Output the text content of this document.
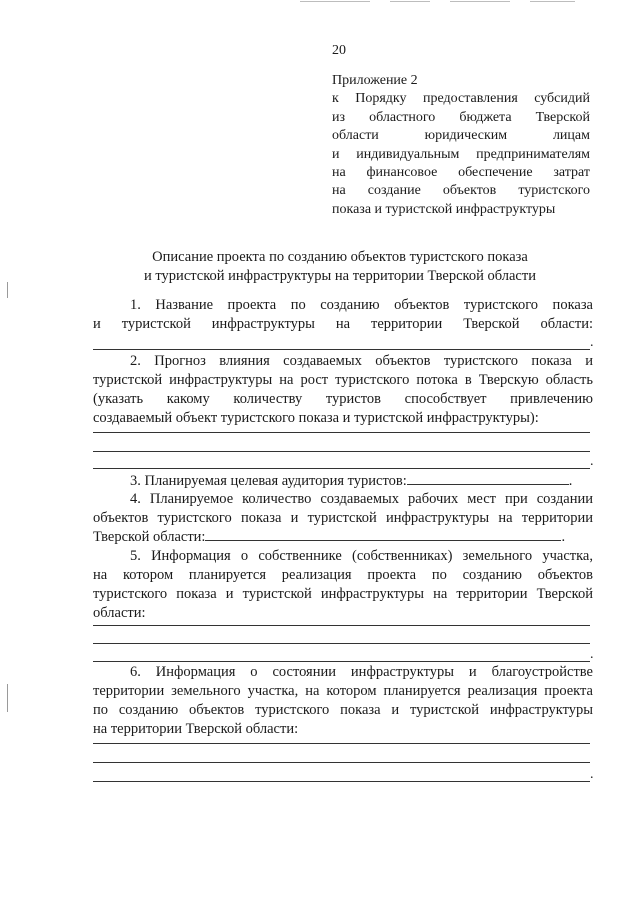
20
Приложение 2
к Порядку предоставления субсидий
из областного бюджета Тверской
области юридическим лицам
и индивидуальным предпринимателям
на финансовое обеспечение затрат
на создание объектов туристского
показа и туристской инфраструктуры
Описание проекта по созданию объектов туристского показа
и туристской инфраструктуры на территории Тверской области
1. Название проекта по созданию объектов туристского показа
и туристской инфраструктуры на территории Тверской области:
.
2. Прогноз влияния создаваемых объектов туристского показа и
туристской инфраструктуры на рост туристского потока в Тверскую область
(указать какому количеству туристов способствует привлечению
создаваемый объект туристского показа и туристской инфраструктуры):
.
3. Планируемая целевая аудитория туристов:	.
4. Планируемое количество создаваемых рабочих мест при создании
объектов туристского показа и туристской инфраструктуры на территории
Тверской области:	.
5. Информация о собственнике (собственниках) земельного участка,
на котором планируется реализация проекта по созданию объектов
туристского показа и туристской инфраструктуры на территории Тверской
области:
.
6. Информация о состоянии инфраструктуры и благоустройстве
территории земельного участка, на котором планируется реализация проекта
по созданию объектов туристского показа и туристской инфраструктуры
на территории Тверской области:
.
